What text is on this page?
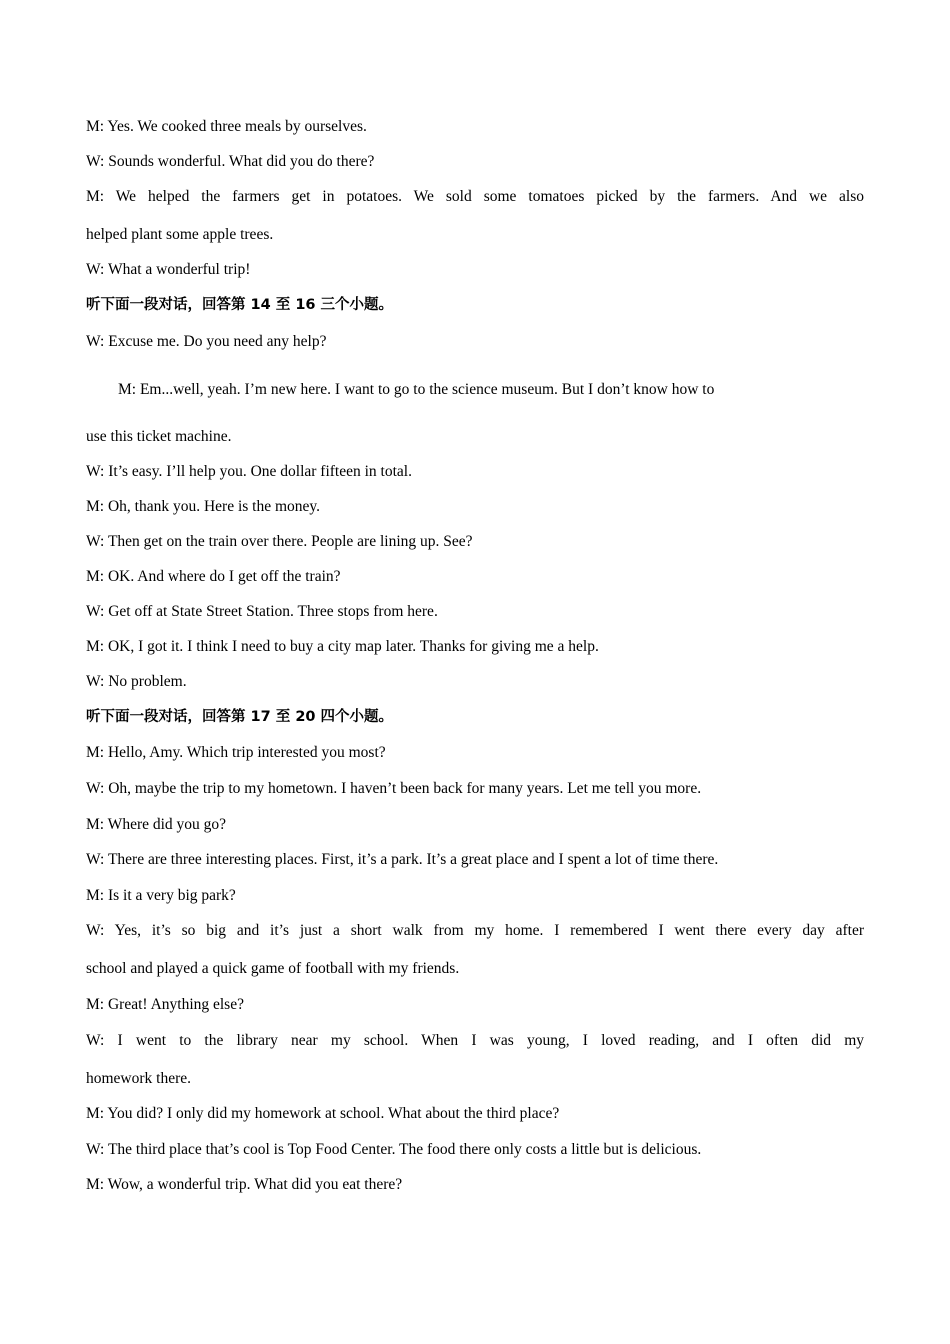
M: Yes. We cooked three meals by ourselves.
W: Sounds wonderful. What did you do there?
M: We helped the farmers get in potatoes. We sold some tomatoes picked by the farmers. And we also
helped plant some apple trees.
W: What a wonderful trip!
听下面一段对话，回答第 14 至 16 三个小题。
W: Excuse me. Do you need any help?
M: Em...well, yeah. I’m new here. I want to go to the science museum. But I don’t know how to
use this ticket machine.
W: It’s easy. I’ll help you. One dollar fifteen in total.
M: Oh, thank you. Here is the money.
W: Then get on the train over there. People are lining up. See?
M: OK. And where do I get off the train?
W: Get off at State Street Station. Three stops from here.
M: OK, I got it. I think I need to buy a city map later. Thanks for giving me a help.
W: No problem.
听下面一段对话，回答第 17 至 20 四个小题。
M: Hello, Amy. Which trip interested you most?
W: Oh, maybe the trip to my hometown. I haven’t been back for many years. Let me tell you more.
M: Where did you go?
W: There are three interesting places. First, it’s a park. It’s a great place and I spent a lot of time there.
M: Is it a very big park?
W: Yes, it’s so big and it’s just a short walk from my home. I remembered I went there every day after
school and played a quick game of football with my friends.
M: Great! Anything else?
W: I went to the library near my school. When I was young, I loved reading, and I often did my
homework there.
M: You did? I only did my homework at school. What about the third place?
W: The third place that’s cool is Top Food Center. The food there only costs a little but is delicious.
M: Wow, a wonderful trip. What did you eat there?
